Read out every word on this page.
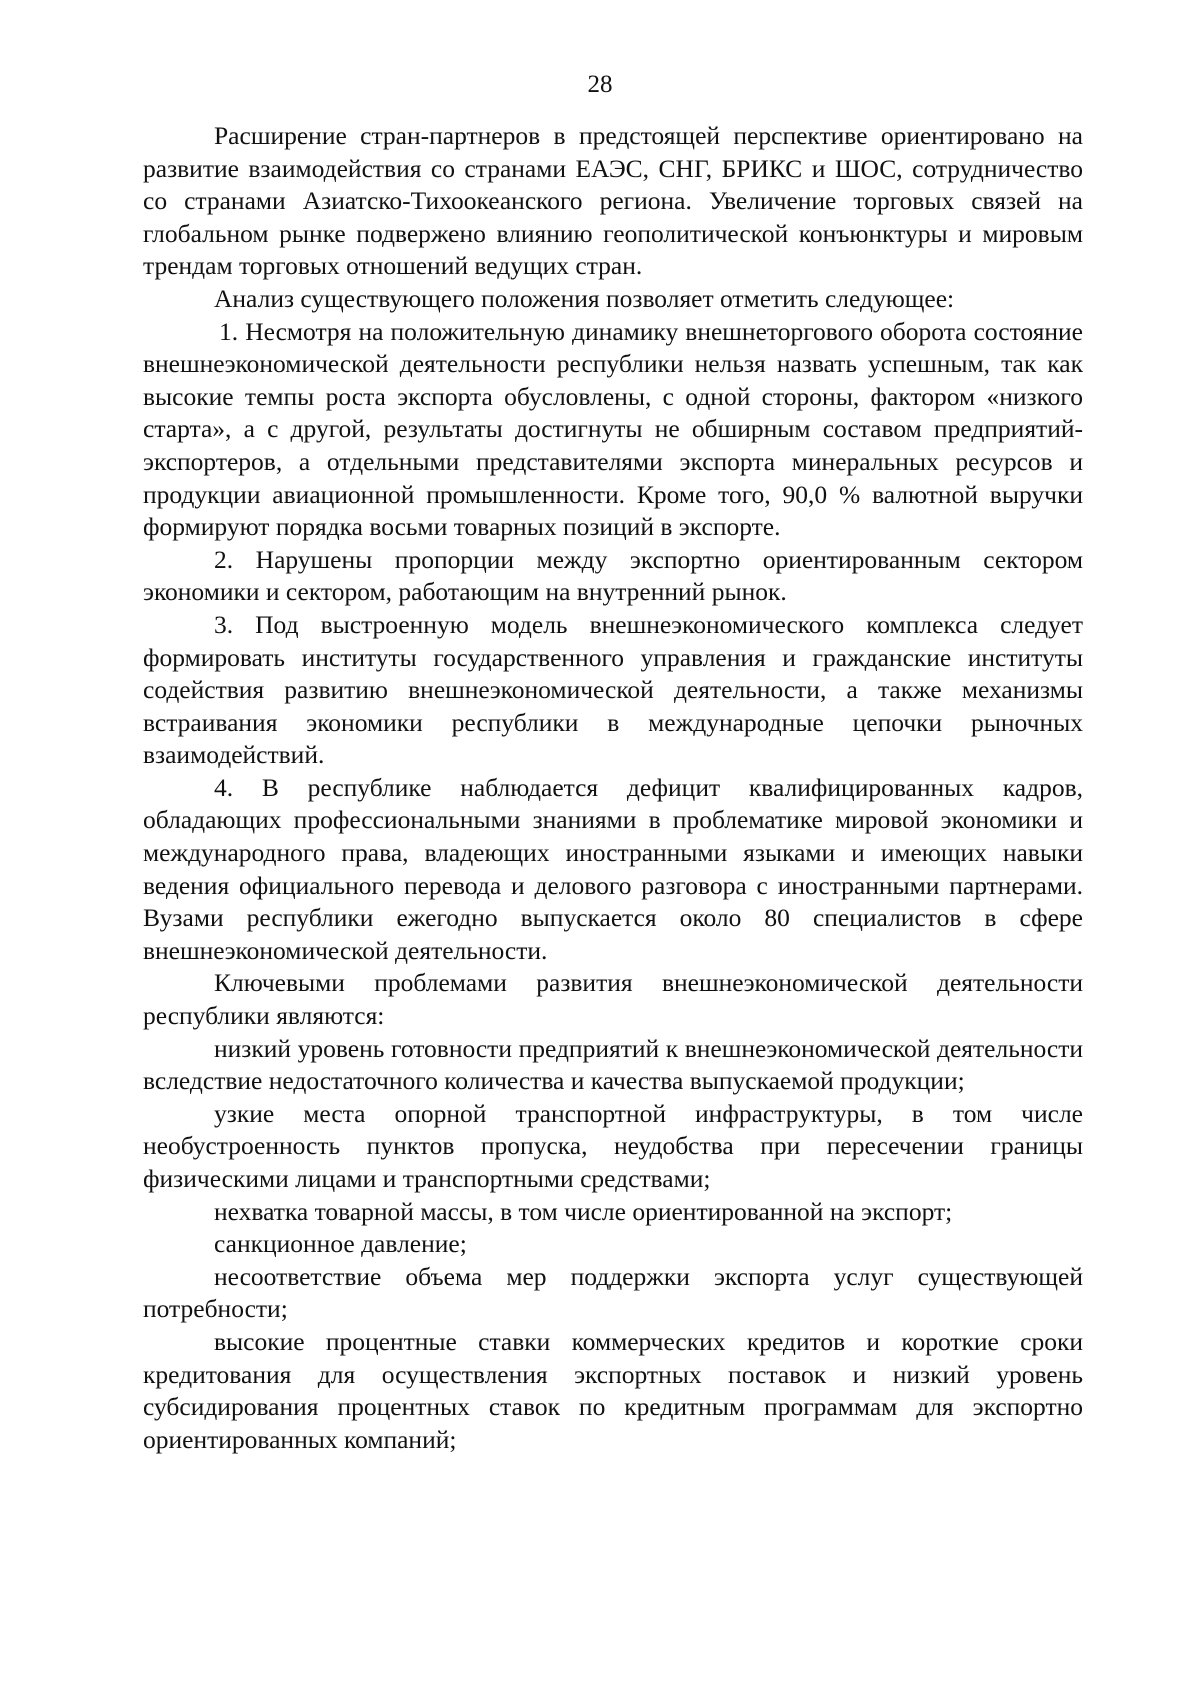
28

Расширение стран-партнеров в предстоящей перспективе ориентировано на развитие взаимодействия со странами ЕАЭС, СНГ, БРИКС и ШОС, сотрудничество со странами Азиатско-Тихоокеанского региона. Увеличение торговых связей на глобальном рынке подвержено влиянию геополитической конъюнктуры и мировым трендам торговых отношений ведущих стран.

Анализ существующего положения позволяет отметить следующее:

1. Несмотря на положительную динамику внешнеторгового оборота состояние внешнеэкономической деятельности республики нельзя назвать успешным, так как высокие темпы роста экспорта обусловлены, с одной стороны, фактором «низкого старта», а с другой, результаты достигнуты не обширным составом предприятий-экспортеров, а отдельными представителями экспорта минеральных ресурсов и продукции авиационной промышленности. Кроме того, 90,0 % валютной выручки формируют порядка восьми товарных позиций в экспорте.

2. Нарушены пропорции между экспортно ориентированным сектором экономики и сектором, работающим на внутренний рынок.

3. Под выстроенную модель внешнеэкономического комплекса следует формировать институты государственного управления и гражданские институты содействия развитию внешнеэкономической деятельности, а также механизмы встраивания экономики республики в международные цепочки рыночных взаимодействий.

4. В республике наблюдается дефицит квалифицированных кадров, обладающих профессиональными знаниями в проблематике мировой экономики и международного права, владеющих иностранными языками и имеющих навыки ведения официального перевода и делового разговора с иностранными партнерами. Вузами республики ежегодно выпускается около 80 специалистов в сфере внешнеэкономической деятельности.

Ключевыми проблемами развития внешнеэкономической деятельности республики являются:

низкий уровень готовности предприятий к внешнеэкономической деятельности вследствие недостаточного количества и качества выпускаемой продукции;

узкие места опорной транспортной инфраструктуры, в том числе необустроенность пунктов пропуска, неудобства при пересечении границы физическими лицами и транспортными средствами;

нехватка товарной массы, в том числе ориентированной на экспорт;

санкционное давление;

несоответствие объема мер поддержки экспорта услуг существующей потребности;

высокие процентные ставки коммерческих кредитов и короткие сроки кредитования для осуществления экспортных поставок и низкий уровень субсидирования процентных ставок по кредитным программам для экспортно ориентированных компаний;
